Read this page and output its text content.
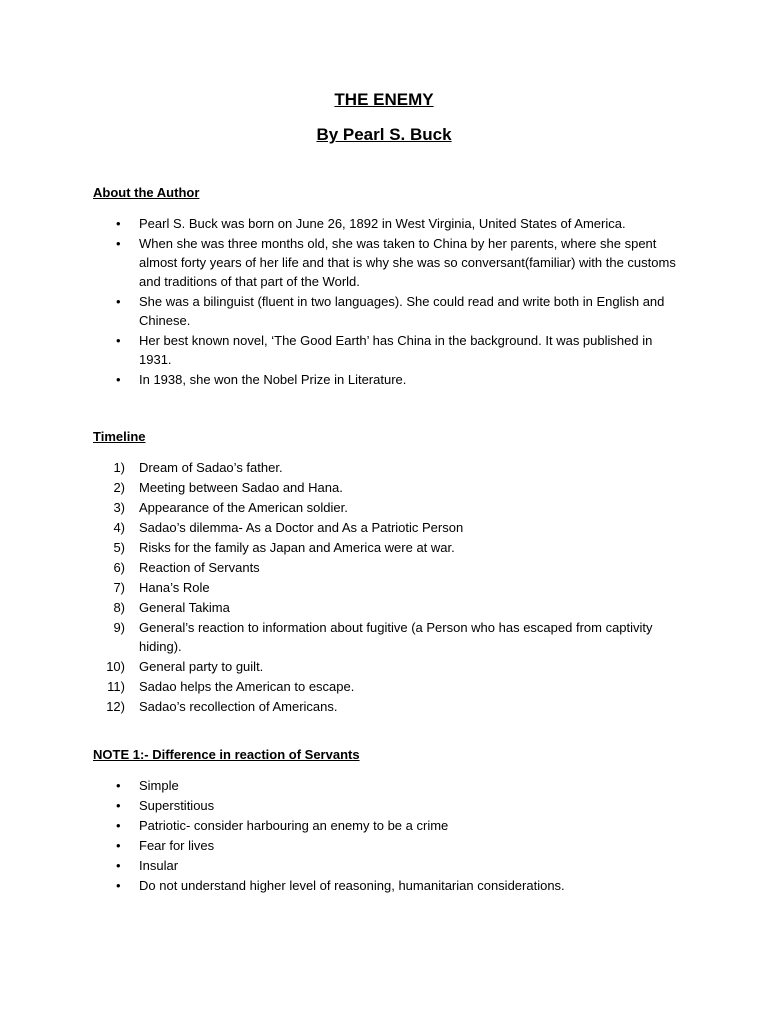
THE ENEMY
By Pearl S. Buck
About the Author
• Pearl S. Buck was born on June 26, 1892 in West Virginia, United States of America.
• When she was three months old, she was taken to China by her parents, where she spent almost forty years of her life and that is why she was so conversant(familiar) with the customs and traditions of that part of the World.
• She was a bilinguist (fluent in two languages). She could read and write both in English and Chinese.
• Her best known novel, ‘The Good Earth’ has China in the background. It was published in 1931.
• In 1938, she won the Nobel Prize in Literature.
Timeline
1) Dream of Sadao’s father.
2) Meeting between Sadao and Hana.
3) Appearance of the American soldier.
4) Sadao’s dilemma- As a Doctor and As a Patriotic Person
5) Risks for the family as Japan and America were at war.
6) Reaction of Servants
7) Hana’s Role
8) General Takima
9) General’s reaction to information about fugitive (a Person who has escaped from captivity hiding).
10) General party to guilt.
11) Sadao helps the American to escape.
12) Sadao’s recollection of Americans.
NOTE 1:- Difference in reaction of Servants
• Simple
• Superstitious
• Patriotic- consider harbouring an enemy to be a crime
• Fear for lives
• Insular
• Do not understand higher level of reasoning, humanitarian considerations.
